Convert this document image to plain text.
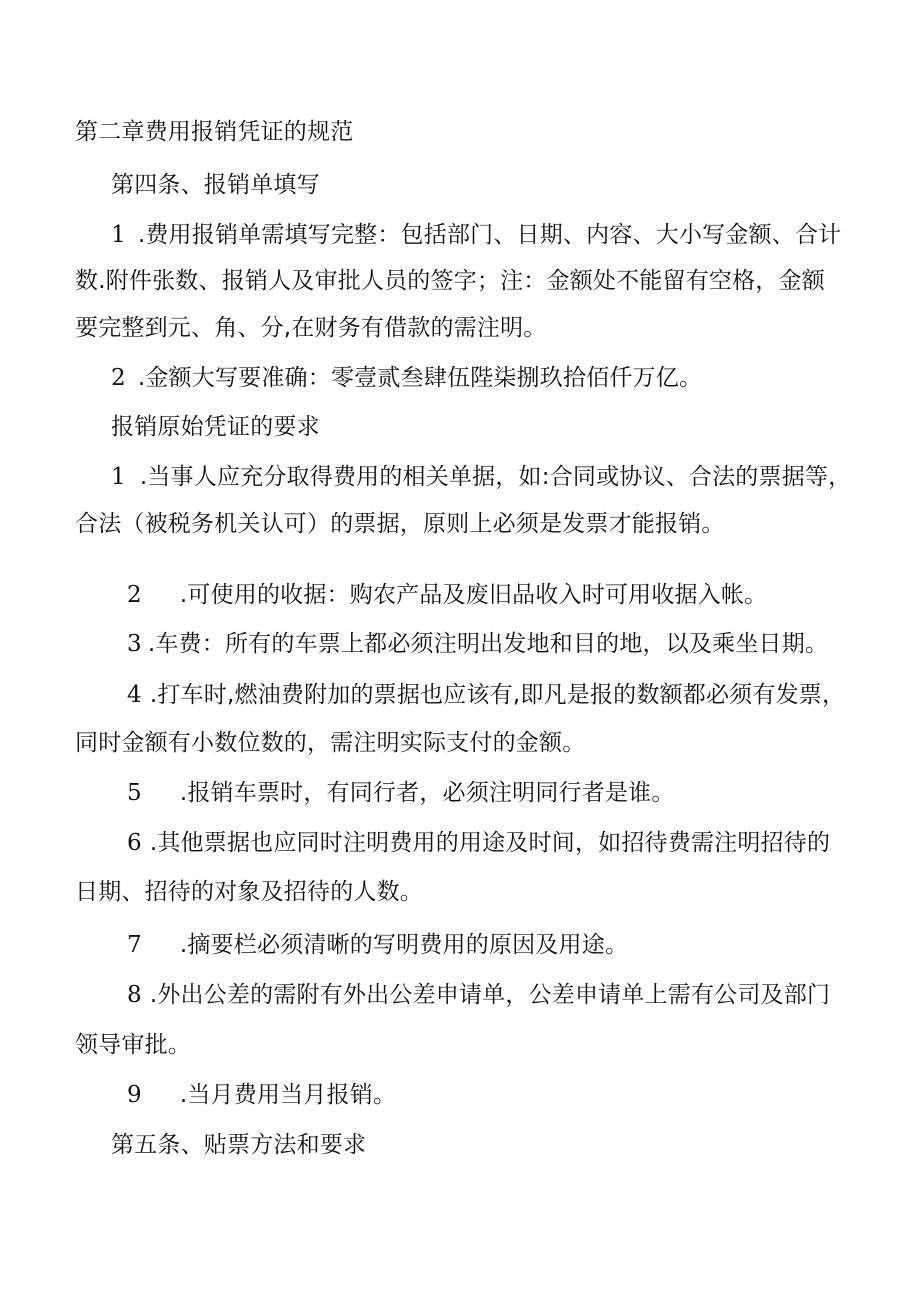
第二章费用报销凭证的规范
第四条、报销单填写
1 .费用报销单需填写完整：包括部门、日期、内容、大小写金额、合计
数.附件张数、报销人及审批人员的签字；注：金额处不能留有空格，金额
要完整到元、角、分,在财务有借款的需注明。
2 .金额大写要准确：零壹贰叁肆伍陛柒捌玖拾佰仟万亿。
报销原始凭证的要求
1 .当事人应充分取得费用的相关单据，如:合同或协议、合法的票据等，
合法（被税务机关认可）的票据，原则上必须是发票才能报销。
2 .可使用的收据：购农产品及废旧品收入时可用收据入帐。
3 .车费：所有的车票上都必须注明出发地和目的地，以及乘坐日期。
4 .打车时,燃油费附加的票据也应该有,即凡是报的数额都必须有发票，
同时金额有小数位数的，需注明实际支付的金额。
5 .报销车票时，有同行者，必须注明同行者是谁。
6 .其他票据也应同时注明费用的用途及时间，如招待费需注明招待的
日期、招待的对象及招待的人数。
7 .摘要栏必须清晰的写明费用的原因及用途。
8 .外出公差的需附有外出公差申请单，公差申请单上需有公司及部门
领导审批。
9 .当月费用当月报销。
第五条、贴票方法和要求
